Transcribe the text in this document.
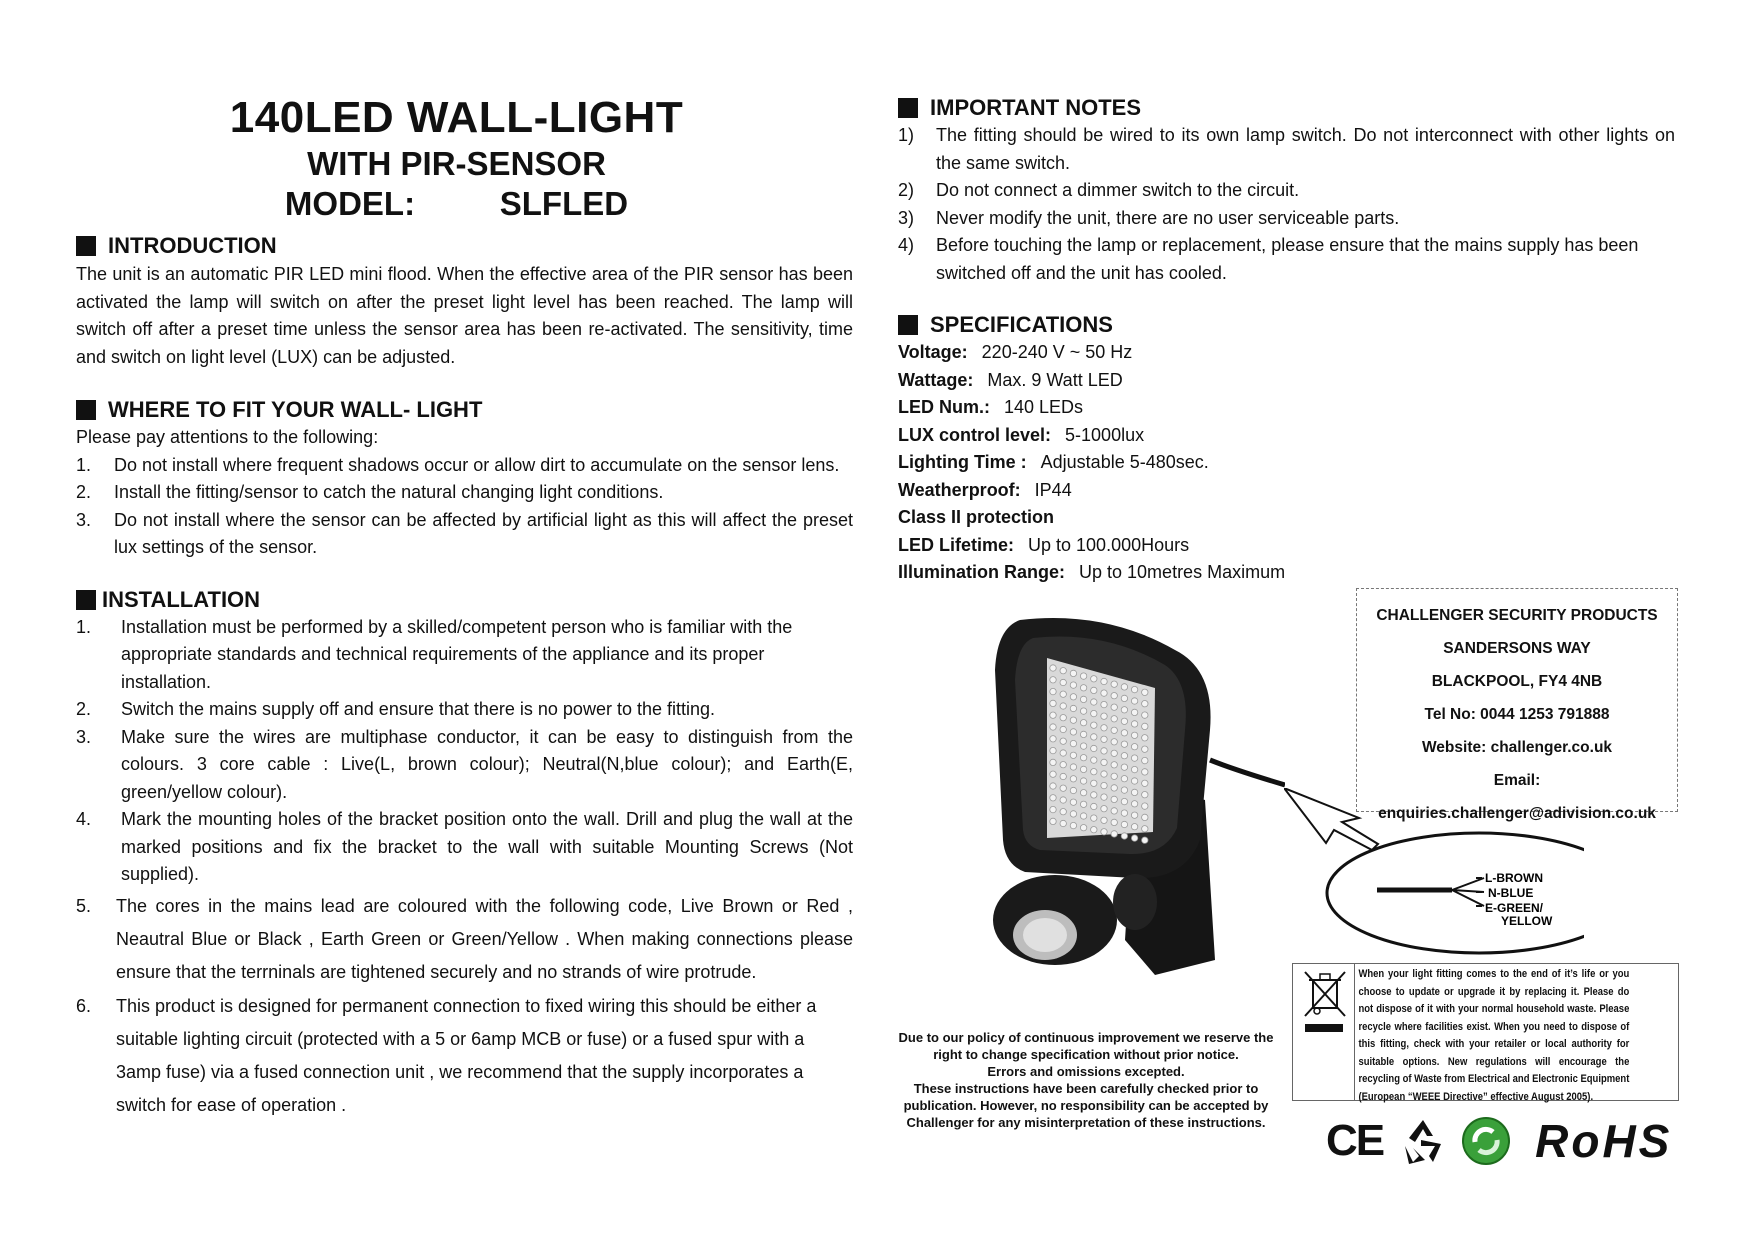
140LED WALL-LIGHT
WITH PIR-SENSOR
MODEL:    SLFLED
INTRODUCTION

The unit is an automatic PIR LED mini flood. When the effective area of the PIR sensor has been activated the lamp will switch on after the preset light level has been reached. The lamp will switch off after a preset time unless the sensor area has been re-activated. The sensitivity, time and switch on light level (LUX) can be adjusted.

WHERE TO FIT YOUR WALL- LIGHT

Please pay attentions to the following:

1.	Do not install where frequent shadows occur or allow dirt to accumulate on the sensor lens.
2.	Install the fitting/sensor to catch the natural changing light conditions.
3.	Do not install where the sensor can be affected by artificial light as this will affect the preset lux settings of the sensor.
INSTALLATION
1.	Installation must be performed by a skilled/competent person who is familiar with the appropriate standards and technical requirements of the appliance and its proper installation.
2.	Switch the mains supply off and ensure that there is no power to the fitting.
3.	Make sure the wires are multiphase conductor, it can be easy to distinguish from the colours. 3 core cable : Live(L, brown colour); Neutral(N,blue colour); and Earth(E, green/yellow colour).
4.	Mark the mounting holes of the bracket position onto the wall. Drill and plug the wall at the marked positions and fix the bracket to the wall with suitable Mounting Screws (Not supplied).
5.	The cores in the mains lead are coloured with the following code, Live Brown or Red , Neautral Blue or Black , Earth Green or Green/Yellow . When making connections please ensure that the terrninals are tightened securely and no strands of wire protrude.
6.	This product is designed for permanent connection to fixed wiring this should be either a suitable lighting circuit (protected with a 5 or 6amp MCB or fuse) or a fused spur with a 3amp fuse) via a fused connection unit , we recommend that the supply incorporates a switch for ease of operation .
IMPORTANT NOTES
1)	The fitting should be wired to its own lamp switch. Do not interconnect with other lights on the same switch.
2)	Do not connect a dimmer switch to the circuit.
3)	Never modify the unit, there are no user serviceable parts.
4)	Before touching the lamp or replacement, please ensure that the mains supply has been switched off and the unit has cooled.
SPECIFICATIONS
Voltage: 220-240 V ~ 50 Hz
Wattage: Max. 9 Watt LED
LED Num.: 140 LEDs
LUX control level: 5-1000lux
Lighting Time : Adjustable 5-480sec.
Weatherproof: IP44
Class II protection
LED Lifetime: Up to 100.000Hours
Illumination Range: Up to 10metres Maximum
CHALLENGER SECURITY PRODUCTS
SANDERSONS WAY
BLACKPOOL, FY4 4NB
Tel No: 0044 1253 791888
Website: challenger.co.uk
Email: enquiries.challenger@adivision.co.uk
L-BROWN
N-BLUE
E-GREEN/
YELLOW
Due to our policy of continuous improvement we reserve the right to change specification without prior notice.
Errors and omissions excepted.
These instructions have been carefully checked prior to publication. However, no responsibility can be accepted by Challenger for any misinterpretation of these instructions.
When your light fitting comes to the end of it’s life or you choose to update or upgrade it by replacing it. Please do not dispose of it with your normal household waste. Please recycle where facilities exist. When you need to dispose of this fitting, check with your retailer or local authority for suitable options. New regulations will encourage the recycling of Waste from Electrical and Electronic Equipment (European “WEEE Directive” effective August 2005).
CE	RoHS
